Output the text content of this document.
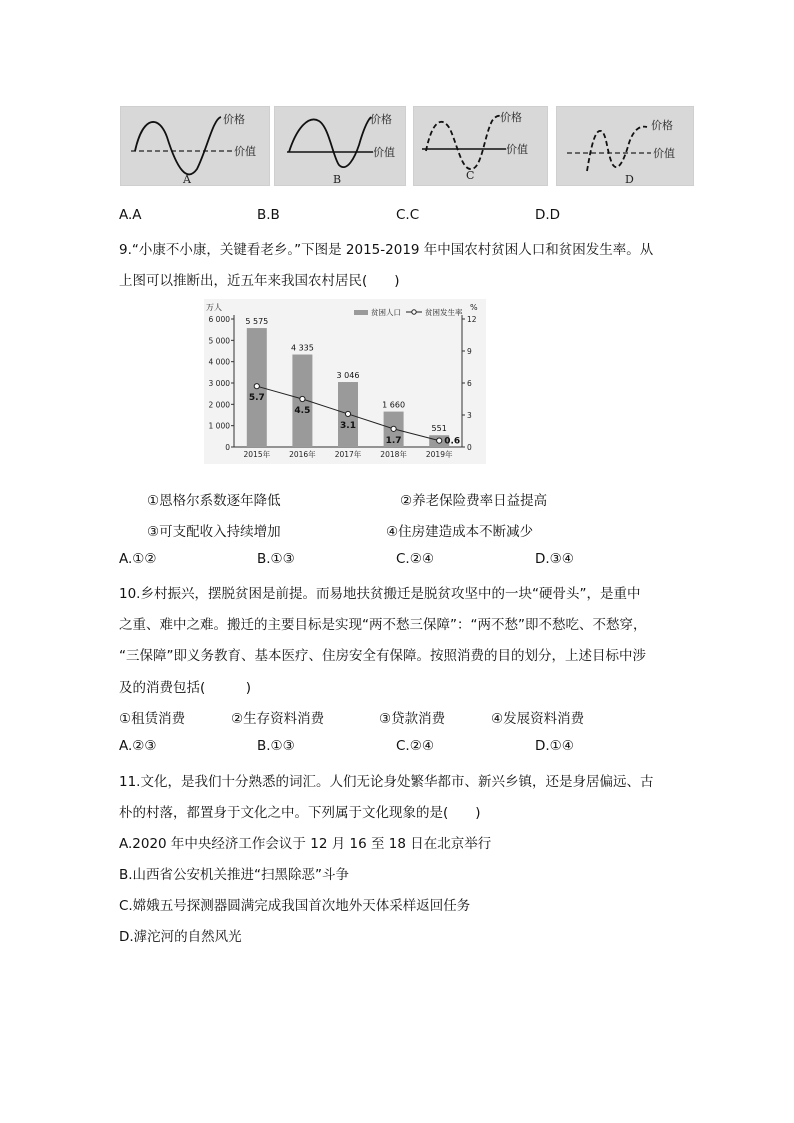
价格
价值
A
价格
价值
B
价格
价值
C
价格
价值
D
A.A	B.B	C.C	D.D
9.“小康不小康，关键看老乡。”下图是 2015-2019 年中国农村贫困人口和贫困发生率。从
上图可以推断出，近五年来我国农村居民(　　)
万人	%
0
1 000
2 000
3 000
4 000
5 000
6 000
0
3
6
9
12
5 575
2015年
4 335
2016年
3 046
2017年
1 660
2018年
551
2019年
5.7
4.5
3.1
1.7	0.6
贫困人口	贫困发生率
①恩格尔系数逐年降低	②养老保险费率日益提高
③可支配收入持续增加	④住房建造成本不断减少
A.①②	B.①③	C.②④	D.③④
10.乡村振兴，摆脱贫困是前提。而易地扶贫搬迁是脱贫攻坚中的一块“硬骨头”，是重中
之重、难中之难。搬迁的主要目标是实现“两不愁三保障”：“两不愁”即不愁吃、不愁穿，
“三保障”即义务教育、基本医疗、住房安全有保障。按照消费的目的划分，上述目标中涉
及的消费包括(　　　)
①租赁消费	②生存资料消费	③贷款消费	④发展资料消费
A.②③	B.①③	C.②④	D.①④
11.文化，是我们十分熟悉的词汇。人们无论身处繁华都市、新兴乡镇，还是身居偏远、古
朴的村落，都置身于文化之中。下列属于文化现象的是(　　)
A.2020 年中央经济工作会议于 12 月 16 至 18 日在北京举行
B.山西省公安机关推进“扫黑除恶”斗争
C.嫦娥五号探测器圆满完成我国首次地外天体采样返回任务
D.滹沱河的自然风光
